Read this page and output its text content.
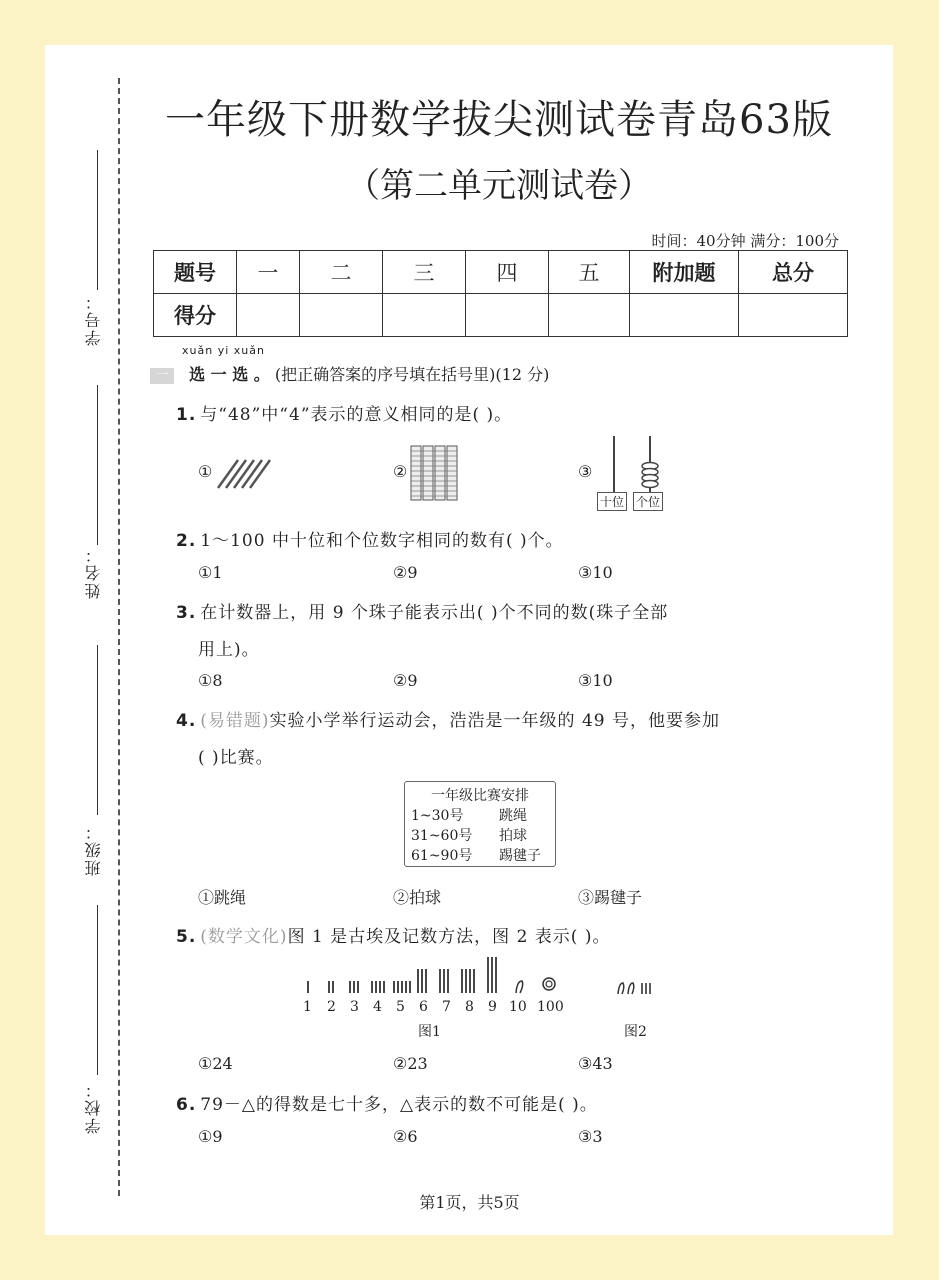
学号：
姓名：
班级：
学校：
一年级下册数学拔尖测试卷青岛63版
（第二单元测试卷）
时间：40分钟 满分：100分
题号	一	二	三	四	五	附加题	总分
得分							
xuǎn yi xuǎn
一 选 一 选 。 (把正确答案的序号填在括号里)(12 分)
1. 与“48”中“4”表示的意义相同的是( )。
①	②	③
十位 个位
2. 1～100 中十位和个位数字相同的数有( )个。
①1	②9	③10
3. 在计数器上，用 9 个珠子能表示出( )个不同的数(珠子全部
用上)。
①8	②9	③10
4. (易错题)实验小学举行运动会，浩浩是一年级的 49 号，他要参加
( )比赛。
一年级比赛安排
1~30号	跳绳
31~60号	拍球
61~90号	踢毽子
①跳绳	②拍球	③踢毽子
5. (数学文化)图 1 是古埃及记数方法，图 2 表示( )。
1 2 3 4 5 6 7 8 9 10 100
图1	图2
①24	②23	③43
6. 79－△的得数是七十多，△表示的数不可能是( )。
①9	②6	③3
第1页，共5页
